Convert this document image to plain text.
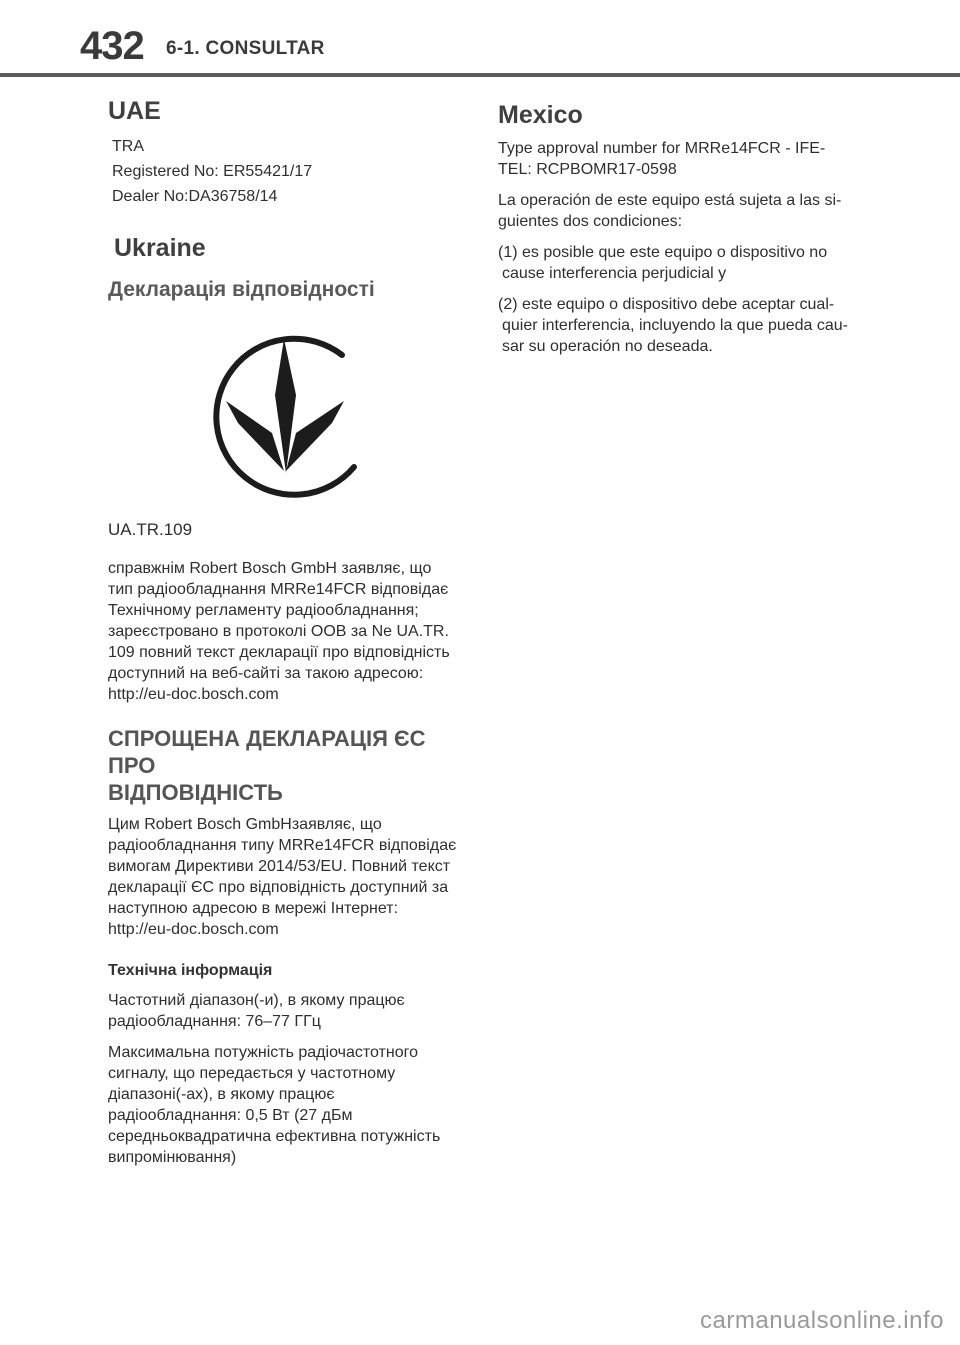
432 6-1. CONSULTAR
UAE

TRA

Registered No: ER55421/17

Dealer No:DA36758/14

Ukraine
Декларація відповідності

UA.TR.109

справжнім Robert Bosch GmbH заявляє, що

тип радіообладнання MRRe14FCR відповідає

Технічному регламенту радіообладнання;

зареєстровано в протоколі OOB за Ne UA.TR.

109 повний текст декларації про відповідність

доступний на веб-сайті за такою адресою:

http://eu-doc.bosch.com

СПРОЩЕНА ДЕКЛАРАЦІЯ ЄС ПРО
ВІДПОВІДНІСТЬ

Цим Robert Bosch GmbHзаявляє, що

радіообладнання типу MRRe14FCR відповідає

вимогам Директиви 2014/53/EU. Повний текст

декларації ЄС про відповідність доступний за

наступною адресою в мережі Інтернет:

http://eu-doc.bosch.com

Технічна інформація

Частотний діапазон(-и), в якому працює

радіообладнання: 76–77 ГГц

Максимальна потужність радіочастотного

сигналу, що передається у частотному

діапазоні(-ах), в якому працює

радіообладнання: 0,5 Вт (27 дБм

середньоквадратична ефективна потужність

випромінювання)

Mexico

Type approval number for MRRe14FCR - IFE-

TEL: RCPBOMR17-0598

La operación de este equipo está sujeta a las si-

guientes dos condiciones:

(1) es posible que este equipo o dispositivo no

cause interferencia perjudicial y

(2) este equipo o dispositivo debe aceptar cual-

quier interferencia, incluyendo la que pueda cau-

sar su operación no deseada.

carmanualsonline.info
